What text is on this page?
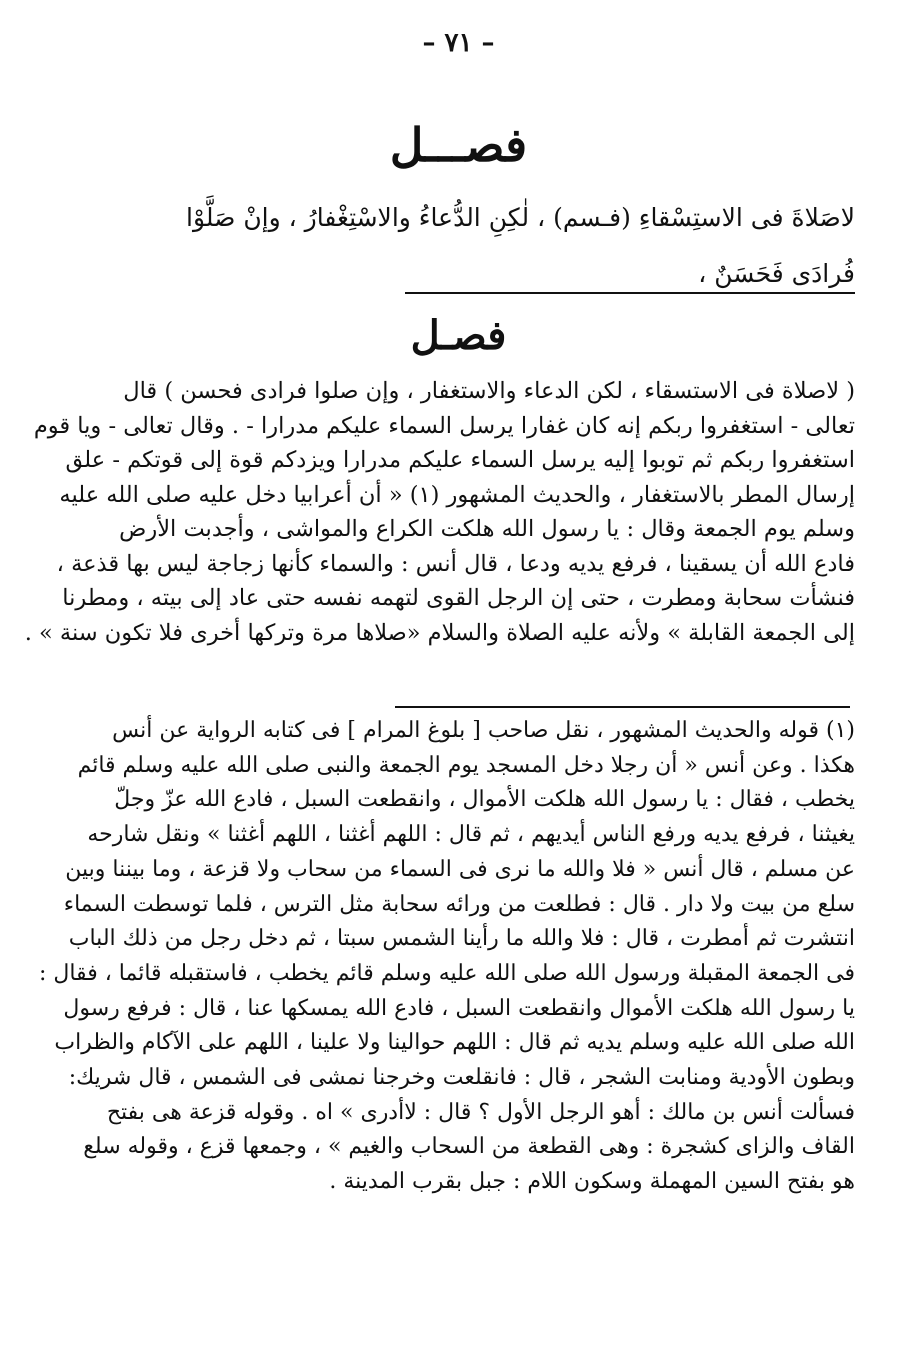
– ٧١ –
فصـــل
لاصَلاةَ فى الاستِسْقاءِ (فـسم) ، لٰكِنِ الدُّعاءُ والاسْتِغْفارُ ، وإنْ صَلَّوْا
فُرادَى فَحَسَنٌ ،
فصـل
( لاصلاة فى الاستسقاء ، لكن الدعاء والاستغفار ، وإن صلوا فرادى فحسن ) قال
تعالى - استغفروا ربكم إنه كان غفارا يرسل السماء عليكم مدرارا - . وقال تعالى - ويا قوم
استغفروا ربكم ثم توبوا إليه يرسل السماء عليكم مدرارا ويزدكم قوة إلى قوتكم - علق
إرسال المطر بالاستغفار ، والحديث المشهور (١) « أن أعرابيا دخل عليه صلى الله عليه
وسلم يوم الجمعة وقال : يا رسول الله هلكت الكراع والمواشى ، وأجدبت الأرض
فادع الله أن يسقينا ، فرفع يديه ودعا ، قال أنس : والسماء كأنها زجاجة ليس بها قذعة ،
فنشأت سحابة ومطرت ، حتى إن الرجل القوى لتهمه نفسه حتى عاد إلى بيته ، ومطرنا
إلى الجمعة القابلة » ولأنه عليه الصلاة والسلام «صلاها مرة وتركها أخرى فلا تكون سنة » .
(١) قوله والحديث المشهور ، نقل صاحب [ بلوغ المرام ] فى كتابه الرواية عن أنس
هكذا . وعن أنس « أن رجلا دخل المسجد يوم الجمعة والنبى صلى الله عليه وسلم قائم
يخطب ، فقال : يا رسول الله هلكت الأموال ، وانقطعت السبل ، فادع الله عزّ وجلّ
يغيثنا ، فرفع يديه ورفع الناس أيديهم ، ثم قال : اللهم أغثنا ، اللهم أغثنا » ونقل شارحه
عن مسلم ، قال أنس « فلا والله ما نرى فى السماء من سحاب ولا قزعة ، وما بيننا وبين
سلع من بيت ولا دار . قال : فطلعت من ورائه سحابة مثل الترس ، فلما توسطت السماء
انتشرت ثم أمطرت ، قال : فلا والله ما رأينا الشمس سبتا ، ثم دخل رجل من ذلك الباب
فى الجمعة المقبلة ورسول الله صلى الله عليه وسلم قائم يخطب ، فاستقبله قائما ، فقال :
يا رسول الله هلكت الأموال وانقطعت السبل ، فادع الله يمسكها عنا ، قال : فرفع رسول
الله صلى الله عليه وسلم يديه ثم قال : اللهم حوالينا ولا علينا ، اللهم على الآكام والظراب
وبطون الأودية ومنابت الشجر ، قال : فانقلعت وخرجنا نمشى فى الشمس ، قال شريك:
فسألت أنس بن مالك : أهو الرجل الأول ؟ قال : لاأدرى » اه . وقوله قزعة هى بفتح
القاف والزاى كشجرة : وهى القطعة من السحاب والغيم » ، وجمعها قزع ، وقوله سلع
هو بفتح السين المهملة وسكون اللام : جبل بقرب المدينة .
